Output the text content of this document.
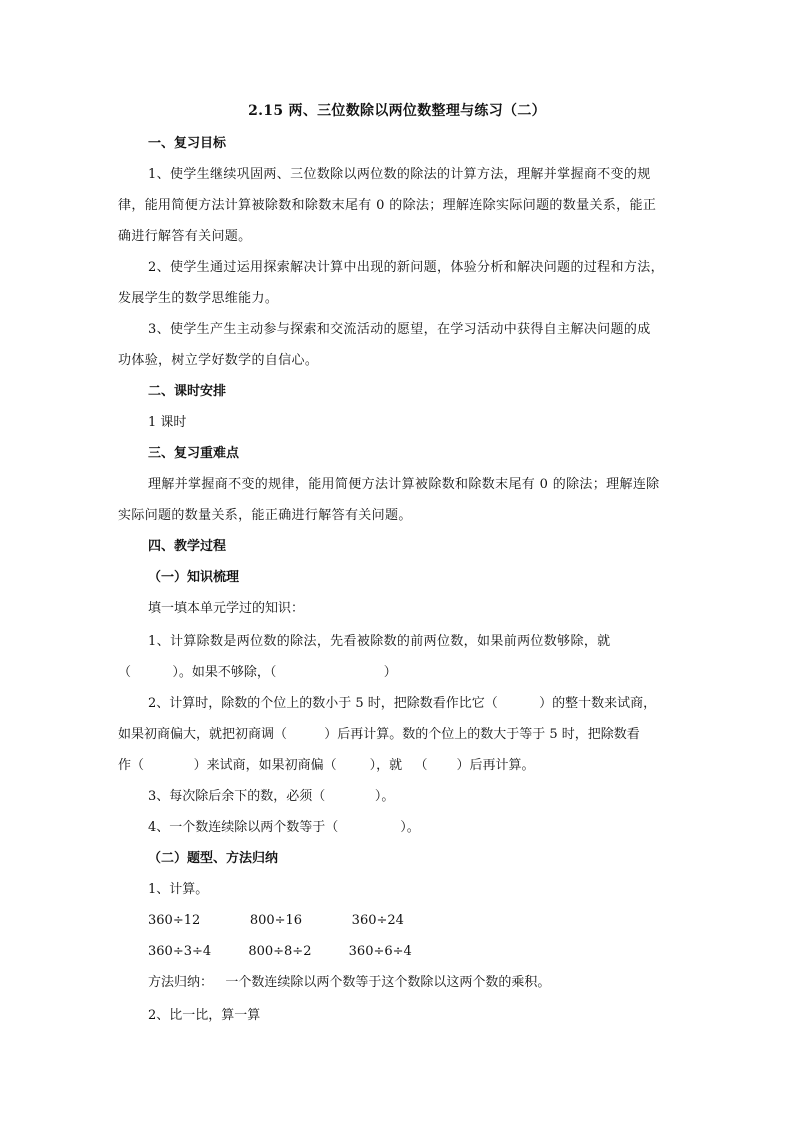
2.15 两、三位数除以两位数整理与练习（二）
一、复习目标
1、使学生继续巩固两、三位数除以两位数的除法的计算方法，理解并掌握商不变的规
律，能用简便方法计算被除数和除数末尾有 0 的除法；理解连除实际问题的数量关系，能正
确进行解答有关问题。
2、使学生通过运用探索解决计算中出现的新问题，体验分析和解决问题的过程和方法，
发展学生的数学思维能力。
3、使学生产生主动参与探索和交流活动的愿望，在学习活动中获得自主解决问题的成
功体验，树立学好数学的自信心。
二、课时安排
1 课时
三、复习重难点
理解并掌握商不变的规律，能用简便方法计算被除数和除数末尾有 0 的除法；理解连除
实际问题的数量关系，能正确进行解答有关问题。
四、教学过程
（一）知识梳理
填一填本单元学过的知识：
1、计算除数是两位数的除法，先看被除数的前两位数，如果前两位数够除，就
（          ）。如果不够除，（                          ）
2、计算时，除数的个位上的数小于 5 时，把除数看作比它（          ）的整十数来试商，
如果初商偏大，就把初商调（         ）后再计算。数的个位上的数大于等于 5 时，把除数看
作（            ）来试商，如果初商偏（        ），就   （       ）后再计算。
3、每次除后余下的数，必须（            ）。
4、一个数连续除以两个数等于（               ）。
（二）题型、方法归纳
1、计算。
360÷12            800÷16            360÷24
360÷3÷4         800÷8÷2         360÷6÷4
方法归纳：   一个数连续除以两个数等于这个数除以这两个数的乘积。
2、比一比，算一算
